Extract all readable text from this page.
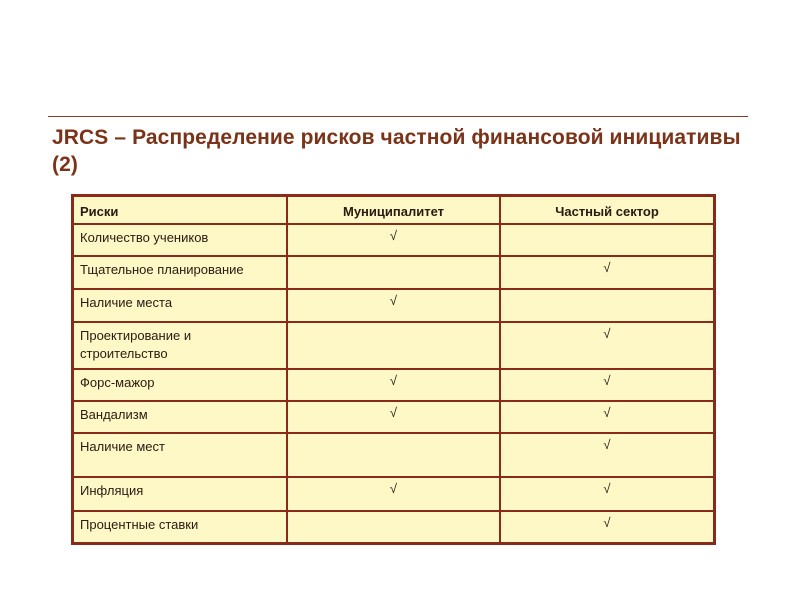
JRCS – Распределение рисков частной финансовой инициативы (2)
Риски	Муниципалитет	Частный сектор
Количество учеников	√	
Тщательное планирование		√
Наличие места	√	
Проектирование и строительство		√
Форс-мажор	√	√
Вандализм	√	√
Наличие мест		√
Инфляция	√	√
Процентные ставки		√
